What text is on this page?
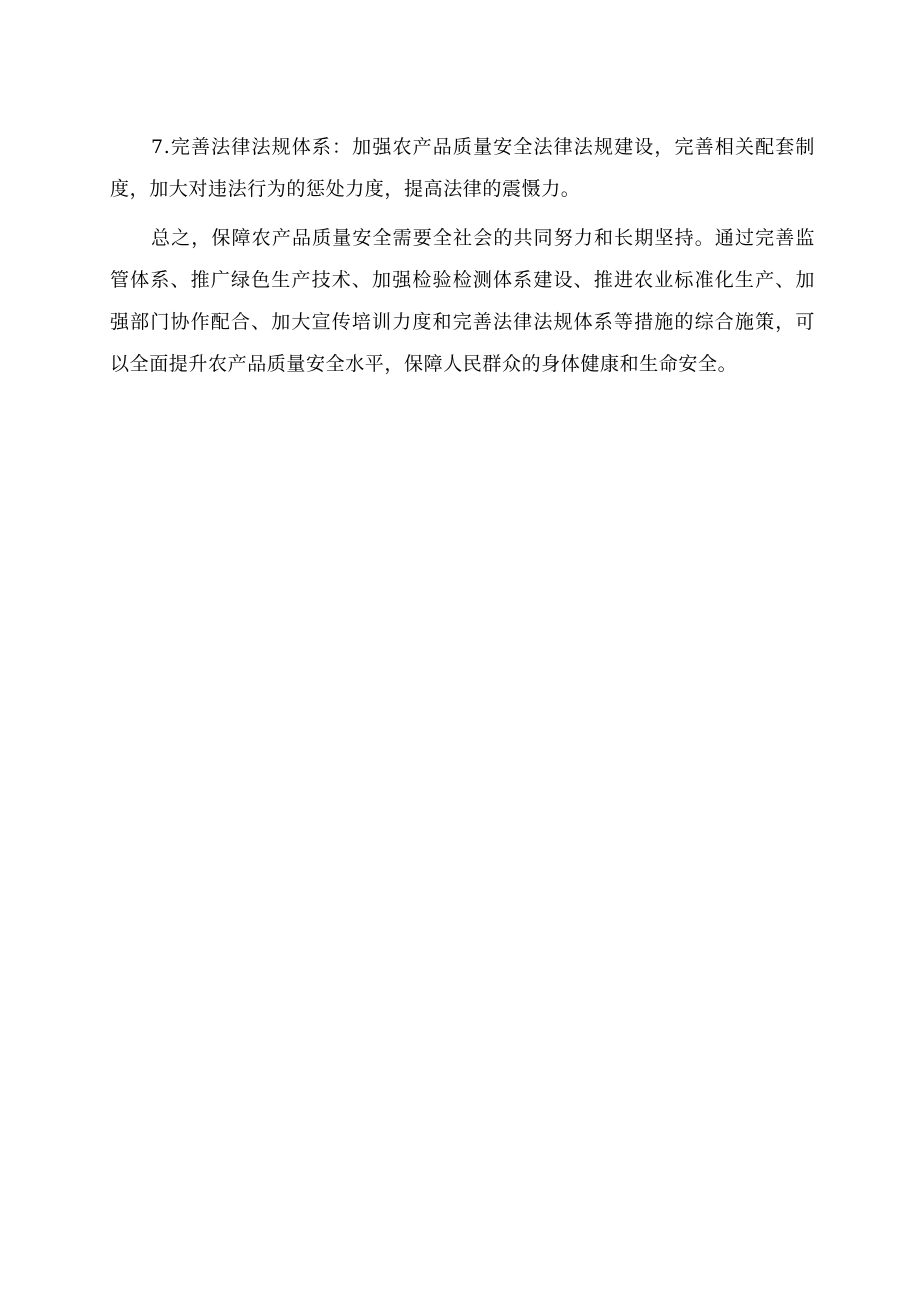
7.完善法律法规体系：加强农产品质量安全法律法规建设，完善相关配套制度，加大对违法行为的惩处力度，提高法律的震慑力。

总之，保障农产品质量安全需要全社会的共同努力和长期坚持。通过完善监管体系、推广绿色生产技术、加强检验检测体系建设、推进农业标准化生产、加强部门协作配合、加大宣传培训力度和完善法律法规体系等措施的综合施策，可以全面提升农产品质量安全水平，保障人民群众的身体健康和生命安全。
